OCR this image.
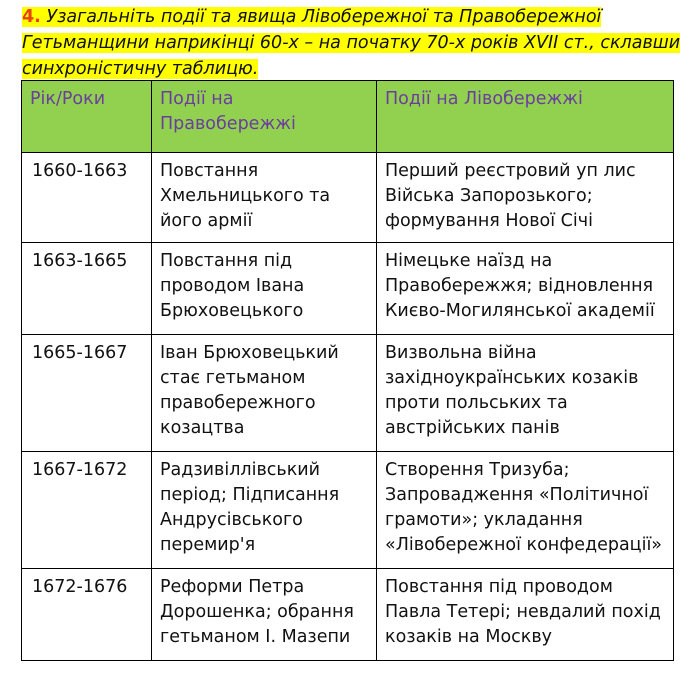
4. Узагальніть події та явища Лівобережної та Правобережної Гетьманщини наприкінці 60-х – на початку 70-х років XVII ст., склавши синхроністичну таблицю.
Рік/Роки	Події на Правобережжі	Події на Лівобережжі
1660-1663	Повстання Хмельницького та його армії	Перший реєстровий уп лис Війська Запорозького; формування Нової Січі
1663-1665	Повстання під проводом Івана Брюховецького	Німецьке наїзд на Правобережжя; відновлення Києво-Могилянської академії
1665-1667	Іван Брюховецький стає гетьманом правобережного козацтва	Визвольна війна західноукраїнських козаків проти польських та австрійських панів
1667-1672	Радзивіллівський період; Підписання Андрусівського перемир'я	Створення Тризуба; Запровадження «Політичної грамоти»; укладання «Лівобережної конфедерації»
1672-1676	Реформи Петра Дорошенка; обрання гетьманом І. Мазепи	Повстання під проводом Павла Тетері; невдалий похід козаків на Москву
